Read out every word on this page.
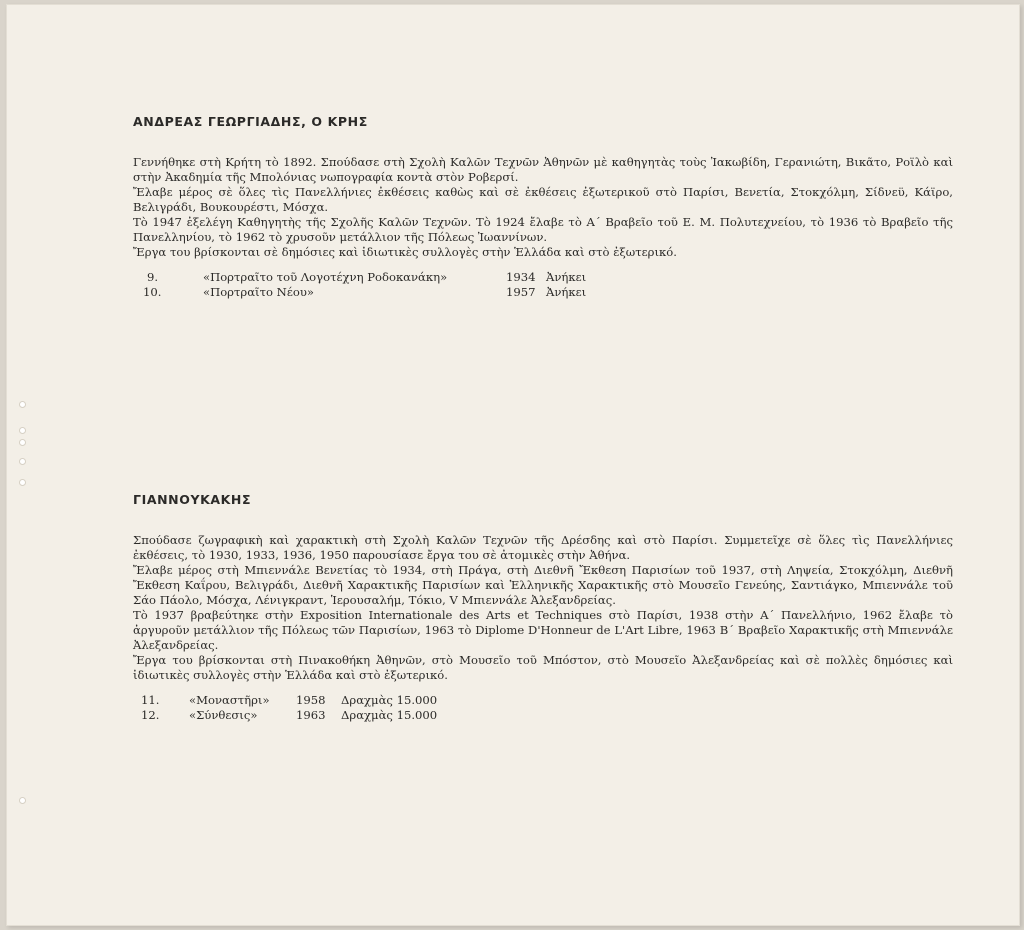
ΑΝΔΡΕΑΣ ΓΕΩΡΓΙΑΔΗΣ, Ο ΚΡΗΣ

Γεννήθηκε στὴ Κρήτη τὸ 1892. Σπούδασε στὴ Σχολὴ Καλῶν Τεχνῶν Ἀθηνῶν μὲ καθηγητὰς τοὺς Ἰακωβίδη, Γερανιώτη, Βικᾶτο, Ροϊλὸ καὶ στὴν Ἀκαδημία τῆς Μπολόνιας νωπογραφία κοντὰ στὸν Ροβερσί.

Ἔλαβε μέρος σὲ ὅλες τὶς Πανελλήνιες ἐκθέσεις καθὼς καὶ σὲ ἐκθέσεις ἐξωτερικοῦ στὸ Παρίσι, Βενετία, Στοκχόλμη, Σίδνεϋ, Κάϊρο, Βελιγράδι, Βουκουρέστι, Μόσχα.

Τὸ 1947 ἐξελέγη Καθηγητὴς τῆς Σχολῆς Καλῶν Τεχνῶν. Τὸ 1924 ἔλαβε τὸ Α΄ Βραβεῖο τοῦ Ε. Μ. Πολυτεχνείου, τὸ 1936 τὸ Βραβεῖο τῆς Πανελληνίου, τὸ 1962 τὸ χρυσοῦν μετάλλιον τῆς Πόλεως Ἰωαννίνων.

Ἔργα του βρίσκονται σὲ δημόσιες καὶ ἰδιωτικὲς συλλογὲς στὴν Ἑλλάδα καὶ στὸ ἐξωτερικό.

9.	«Πορτραῖτο τοῦ Λογοτέχνη Ροδοκανάκη»	1934 Ἀνήκει
10.	«Πορτραῖτο Νέου»	1957 Ἀνήκει
ΓΙΑΝΝΟΥΚΑΚΗΣ

Σπούδασε ζωγραφικὴ καὶ χαρακτικὴ στὴ Σχολὴ Καλῶν Τεχνῶν τῆς Δρέσδης καὶ στὸ Παρίσι. Συμμετεῖχε σὲ ὅλες τὶς Πανελλήνιες ἐκθέσεις, τὸ 1930, 1933, 1936, 1950 παρουσίασε ἔργα του σὲ ἀτομικὲς στὴν Ἀθήνα.

Ἔλαβε μέρος στὴ Μπιεννάλε Βενετίας τὸ 1934, στὴ Πράγα, στὴ Διεθνῆ Ἔκθεση Παρισίων τοῦ 1937, στὴ Ληψεία, Στοκχόλμη, Διεθνῆ Ἔκθεση Καΐρου, Βελιγράδι, Διεθνῆ Χαρακτικῆς Παρισίων καὶ Ἑλληνικῆς Χαρακτικῆς στὸ Μουσεῖο Γενεύης, Σαντιάγκο, Μπιεννάλε τοῦ Σάο Πάολο, Μόσχα, Λένιγκραντ, Ἱερουσαλήμ, Τόκιο, V Μπιεννάλε Ἀλεξανδρείας.

Τὸ 1937 βραβεύτηκε στὴν Exposition Internationale des Arts et Techniques στὸ Παρίσι, 1938 στὴν Α΄ Πανελλήνιο, 1962 ἔλαβε τὸ ἀργυροῦν μετάλλιον τῆς Πόλεως τῶν Παρισίων, 1963 τὸ Diplome D'Honneur de L'Art Libre, 1963 Β΄ Βραβεῖο Χαρακτικῆς στὴ Μπιεννάλε Ἀλεξανδρείας.

Ἔργα του βρίσκονται στὴ Πινακοθήκη Ἀθηνῶν, στὸ Μουσεῖο τοῦ Μπόστον, στὸ Μουσεῖο Ἀλεξανδρείας καὶ σὲ πολλὲς δημόσιες καὶ ἰδιωτικὲς συλλογὲς στὴν Ἑλλάδα καὶ στὸ ἐξωτερικό.

11.	«Μοναστῆρι» 1958 Δραχμὰς 15.000
12.	«Σύνθεσις»	1963 Δραχμὰς 15.000
